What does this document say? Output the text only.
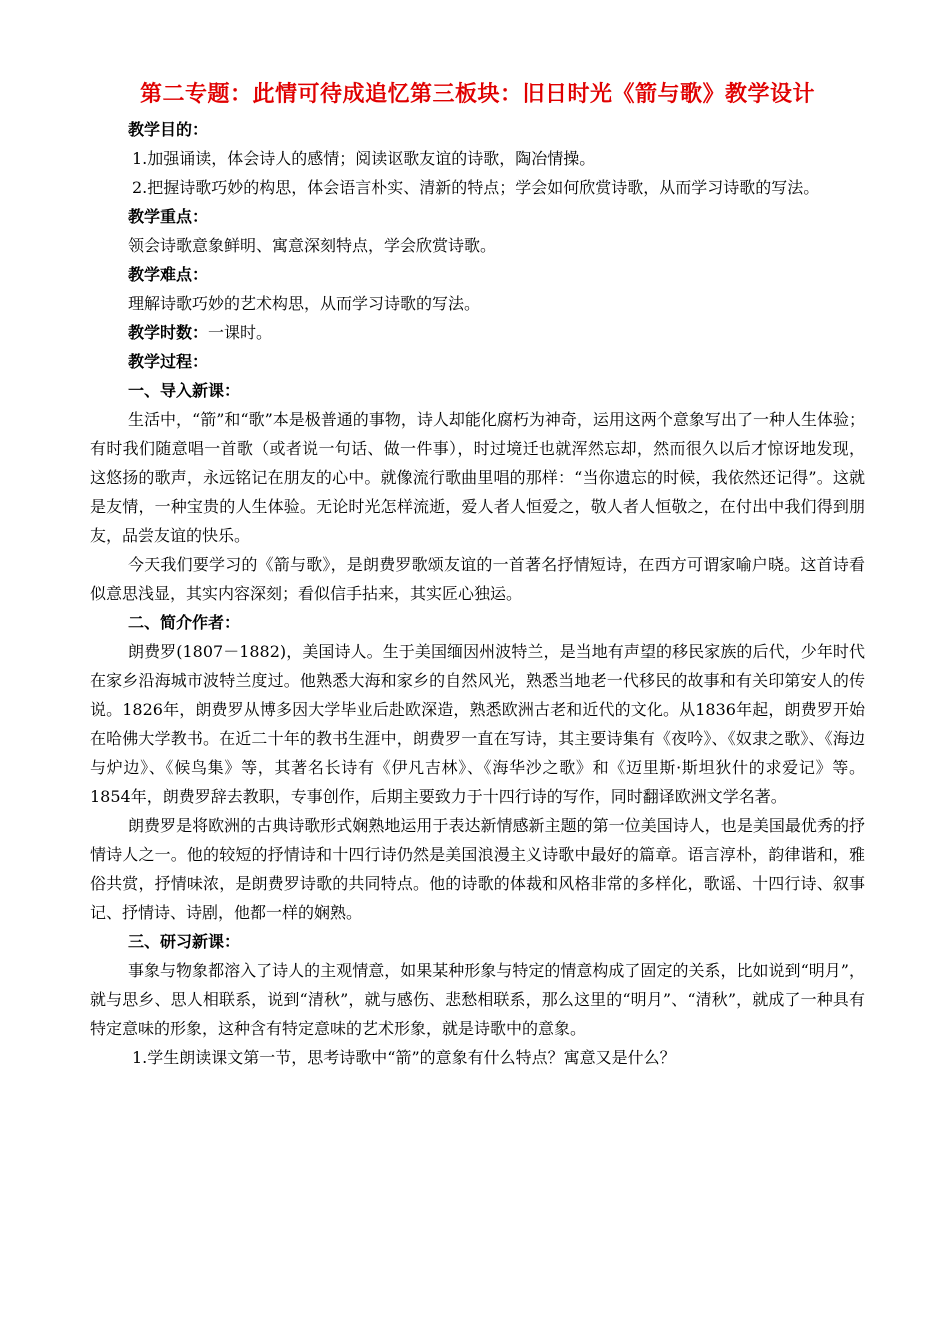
第二专题：此情可待成追忆第三板块：旧日时光《箭与歌》教学设计

教学目的：

1.加强诵读，体会诗人的感情；阅读讴歌友谊的诗歌，陶冶情操。

2.把握诗歌巧妙的构思，体会语言朴实、清新的特点；学会如何欣赏诗歌，从而学习诗歌的写法。

教学重点：

领会诗歌意象鲜明、寓意深刻特点，学会欣赏诗歌。

教学难点：

理解诗歌巧妙的艺术构思，从而学习诗歌的写法。

教学时数：一课时。

教学过程：

一、导入新课：

生活中，“箭”和“歌”本是极普通的事物，诗人却能化腐朽为神奇，运用这两个意象写出了一种人生体验；有时我们随意唱一首歌（或者说一句话、做一件事），时过境迁也就浑然忘却，然而很久以后才惊讶地发现，这悠扬的歌声，永远铭记在朋友的心中。就像流行歌曲里唱的那样：“当你遗忘的时候，我依然还记得”。这就是友情，一种宝贵的人生体验。无论时光怎样流逝，爱人者人恒爱之，敬人者人恒敬之，在付出中我们得到朋友，品尝友谊的快乐。

今天我们要学习的《箭与歌》，是朗费罗歌颂友谊的一首著名抒情短诗，在西方可谓家喻户晓。这首诗看似意思浅显，其实内容深刻；看似信手拈来，其实匠心独运。

二、简介作者：

朗费罗(1807－1882)，美国诗人。生于美国缅因州波特兰，是当地有声望的移民家族的后代，少年时代在家乡沿海城市波特兰度过。他熟悉大海和家乡的自然风光，熟悉当地老一代移民的故事和有关印第安人的传说。1826年，朗费罗从博多因大学毕业后赴欧深造，熟悉欧洲古老和近代的文化。从1836年起，朗费罗开始在哈佛大学教书。在近二十年的教书生涯中，朗费罗一直在写诗，其主要诗集有《夜吟》、《奴隶之歌》、《海边与炉边》、《候鸟集》等，其著名长诗有《伊凡吉林》、《海华沙之歌》和《迈里斯·斯坦狄什的求爱记》等。1854年，朗费罗辞去教职，专事创作，后期主要致力于十四行诗的写作，同时翻译欧洲文学名著。

朗费罗是将欧洲的古典诗歌形式娴熟地运用于表达新情感新主题的第一位美国诗人，也是美国最优秀的抒情诗人之一。他的较短的抒情诗和十四行诗仍然是美国浪漫主义诗歌中最好的篇章。语言淳朴，韵律谐和，雅俗共赏，抒情味浓，是朗费罗诗歌的共同特点。他的诗歌的体裁和风格非常的多样化，歌谣、十四行诗、叙事记、抒情诗、诗剧，他都一样的娴熟。

三、研习新课：

事象与物象都溶入了诗人的主观情意，如果某种形象与特定的情意构成了固定的关系，比如说到“明月”，就与思乡、思人相联系，说到“清秋”，就与感伤、悲愁相联系，那么这里的“明月”、“清秋”，就成了一种具有特定意味的形象，这种含有特定意味的艺术形象，就是诗歌中的意象。

1.学生朗读课文第一节，思考诗歌中“箭”的意象有什么特点？寓意又是什么？
